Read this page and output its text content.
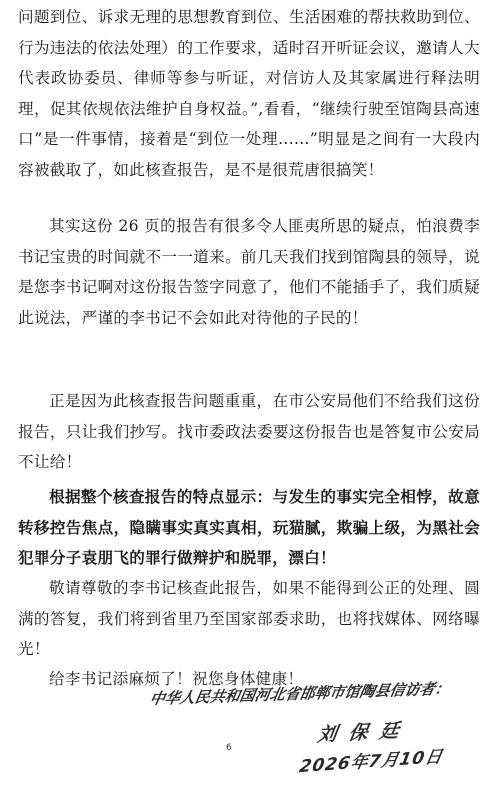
问题到位、诉求无理的思想教育到位、生活困难的帮扶救助到位、行为违法的依法处理）的工作要求，适时召开听证会议，邀请人大代表政协委员、律师等参与听证，对信访人及其家属进行释法明理，促其依规依法维护自身权益。”,看看，“继续行驶至馆陶县高速口”是一件事情，接着是“到位一处理......”明显是之间有一大段内容被截取了，如此核查报告，是不是很荒唐很搞笑！

其实这份 26 页的报告有很多令人匪夷所思的疑点，怕浪费李书记宝贵的时间就不一一道来。前几天我们找到馆陶县的领导，说是您李书记啊对这份报告签字同意了，他们不能插手了，我们质疑此说法，严谨的李书记不会如此对待他的子民的！

正是因为此核查报告问题重重，在市公安局他们不给我们这份报告，只让我们抄写。找市委政法委要这份报告也是答复市公安局不让给！

根据整个核查报告的特点显示：与发生的事实完全相悖，故意转移控告焦点，隐瞒事实真实真相，玩猫腻，欺骗上级，为黑社会犯罪分子袁朋飞的罪行做辩护和脱罪，漂白！

敬请尊敬的李书记核查此报告，如果不能得到公正的处理、圆满的答复，我们将到省里乃至国家部委求助，也将找媒体、网络曝光！

给李书记添麻烦了！祝您身体健康！

中华人民共和国河北省邯郸市馆陶县信访者：
刘保廷
6	2026年7月10日
